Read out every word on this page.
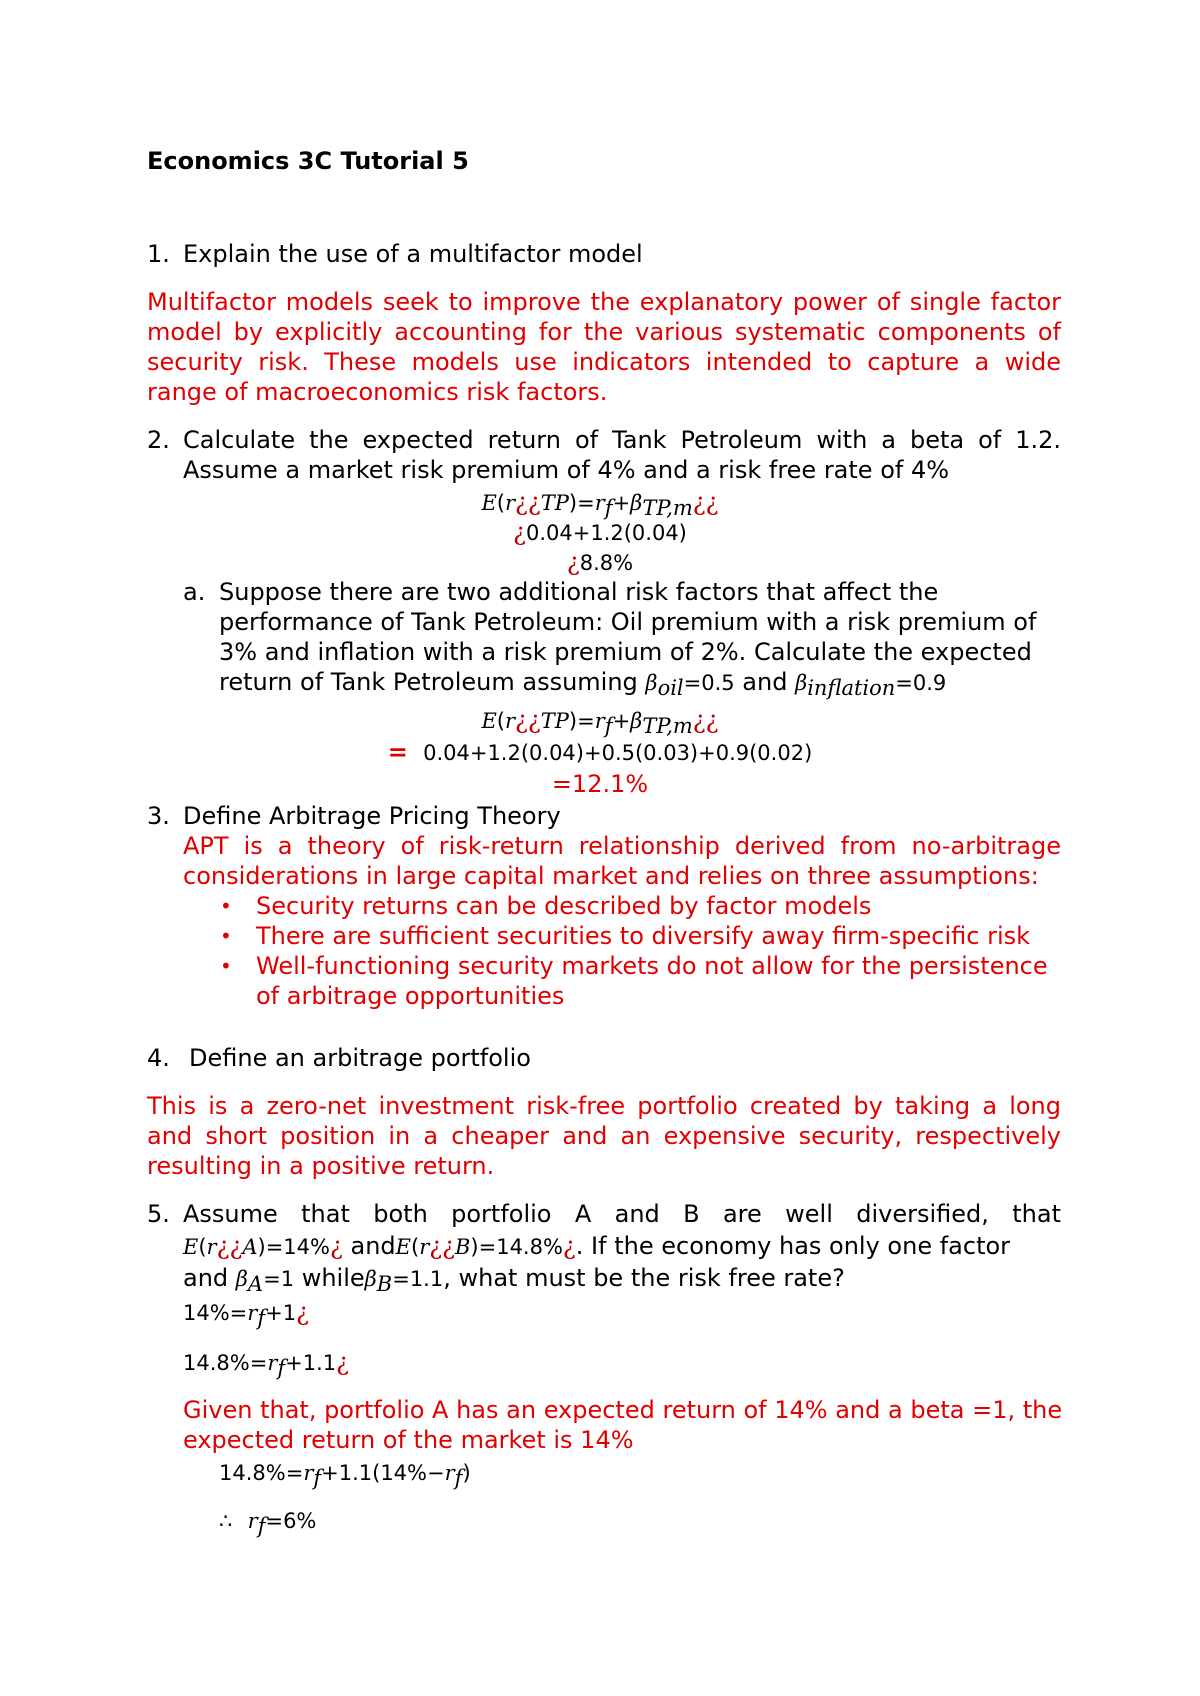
Economics 3C Tutorial 5
1. Explain the use of a multifactor model
Multifactor models seek to improve the explanatory power of single factor
model by explicitly accounting for the various systematic components of
security risk. These models use indicators intended to capture a wide
range of macroeconomics risk factors.
2. Calculate the expected return of Tank Petroleum with a beta of 1.2.
Assume a market risk premium of 4% and a risk free rate of 4%
$E(r¿¿TP)=r_f+\beta_{TP,m}¿¿$
¿0.04+1.2(0.04)
¿8.8%
a. Suppose there are two additional risk factors that affect the
performance of Tank Petroleum: Oil premium with a risk premium of
3% and inflation with a risk premium of 2%. Calculate the expected
return of Tank Petroleum assuming $\beta_{oil}=0.5$ and $\beta_{inflation}=0.9$
$E(r¿¿TP)=r_f+\beta_{TP,m}¿¿$
= 0.04+1.2(0.04)+0.5(0.03)+0.9(0.02)
=12.1%
3. Define Arbitrage Pricing Theory
APT is a theory of risk-return relationship derived from no-arbitrage
considerations in large capital market and relies on three assumptions:
• Security returns can be described by factor models
• There are sufficient securities to diversify away firm-specific risk
• Well-functioning security markets do not allow for the persistence
of arbitrage opportunities
4. Define an arbitrage portfolio
This is a zero-net investment risk-free portfolio created by taking a long
and short position in a cheaper and an expensive security, respectively
resulting in a positive return.
5. Assume that both portfolio A and B are well diversified, that
E(r¿¿A)=14%¿ andE(r¿¿B)=14.8%¿. If the economy has only one factor
and $\beta_A=1$ whileβ$_B$=1.1, what must be the risk free rate?
$14\%=r_f+1¿$
$14.8\%=r_f+1.1¿$
Given that, portfolio A has an expected return of 14% and a beta =1, the
expected return of the market is 14%
$14.8\%=r_f+1.1(14\%-r_f)$
∴ $r_f=6\%$
